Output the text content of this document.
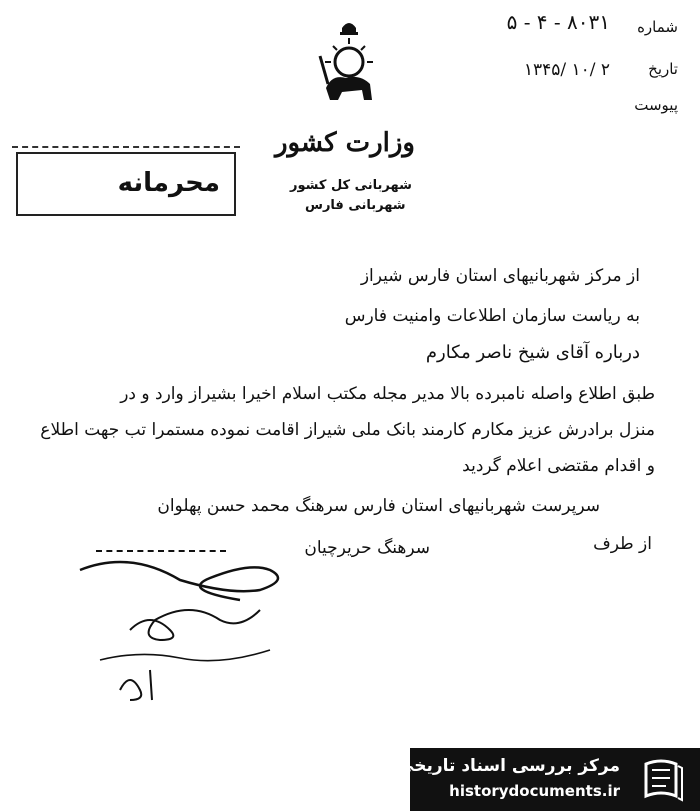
شماره
۵ - ۴ - ۸۰۳۱
تاریخ
۱۳۴۵/ ۱۰/ ۲
پیوست
وزارت کشور
شهربانی کل کشور
شهربانی فارس
محرمانه
از مرکز شهربانیهای استان فارس شیراز
به ریاست سازمان اطلاعات وامنیت فارس
درباره آقای شیخ ناصر مکارم
طبق اطلاع واصله نامبرده بالا مدیر مجله مکتب اسلام اخیرا بشیراز وارد و در
منزل برادرش عزیز مکارم کارمند بانک ملی شیراز اقامت نموده مستمرا تب جهت اطلاع
و اقدام مقتضی اعلام گردید
سرپرست شهربانیهای استان فارس سرهنگ محمد حسن پهلوان
از طرف
سرهنگ حریرچیان
مرکز بررسی اسناد تاریخی
historydocuments.ir
